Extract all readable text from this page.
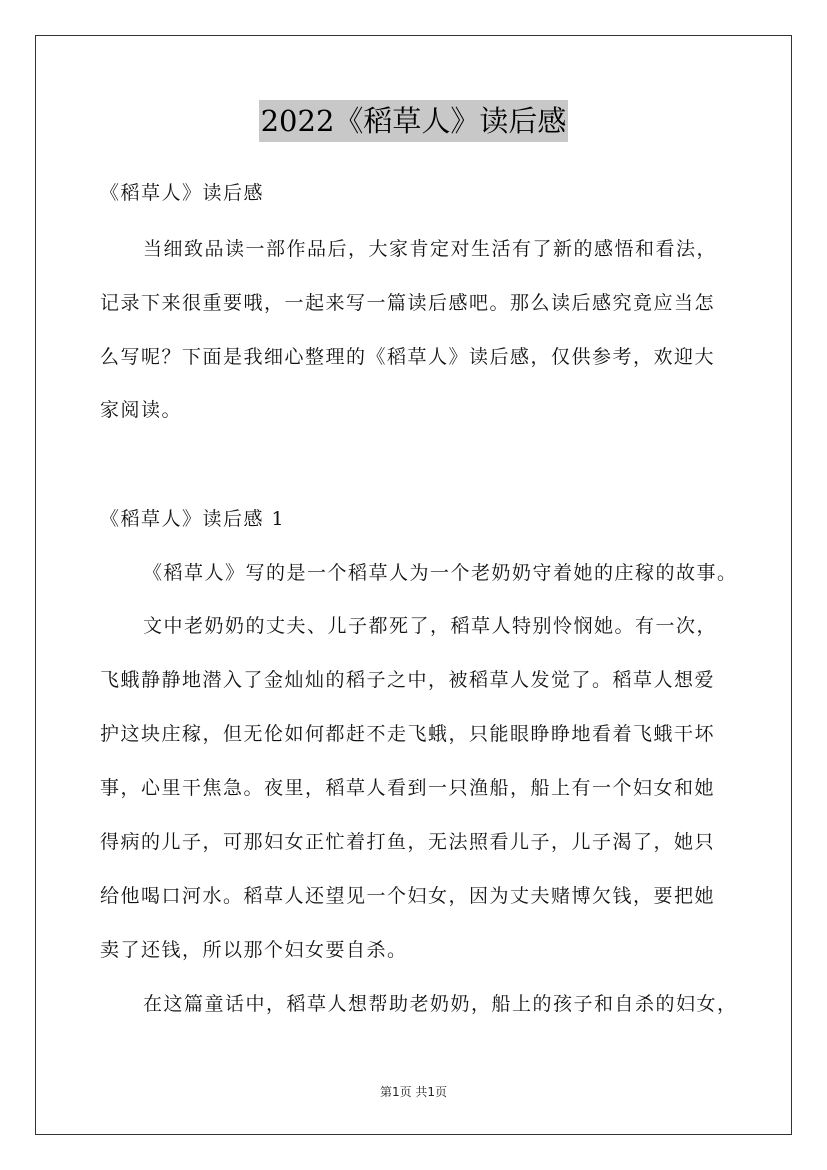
2022《稻草人》读后感
《稻草人》读后感
当细致品读一部作品后，大家肯定对生活有了新的感悟和看法，
记录下来很重要哦，一起来写一篇读后感吧。那么读后感究竟应当怎
么写呢？下面是我细心整理的《稻草人》读后感，仅供参考，欢迎大
家阅读。
《稻草人》读后感 1
《稻草人》写的是一个稻草人为一个老奶奶守着她的庄稼的故事。
文中老奶奶的丈夫、儿子都死了，稻草人特别怜悯她。有一次，
飞蛾静静地潜入了金灿灿的稻子之中，被稻草人发觉了。稻草人想爱
护这块庄稼，但无伦如何都赶不走飞蛾，只能眼睁睁地看着飞蛾干坏
事，心里干焦急。夜里，稻草人看到一只渔船，船上有一个妇女和她
得病的儿子，可那妇女正忙着打鱼，无法照看儿子，儿子渴了，她只
给他喝口河水。稻草人还望见一个妇女，因为丈夫赌博欠钱，要把她
卖了还钱，所以那个妇女要自杀。
在这篇童话中，稻草人想帮助老奶奶，船上的孩子和自杀的妇女，
第1页 共1页
